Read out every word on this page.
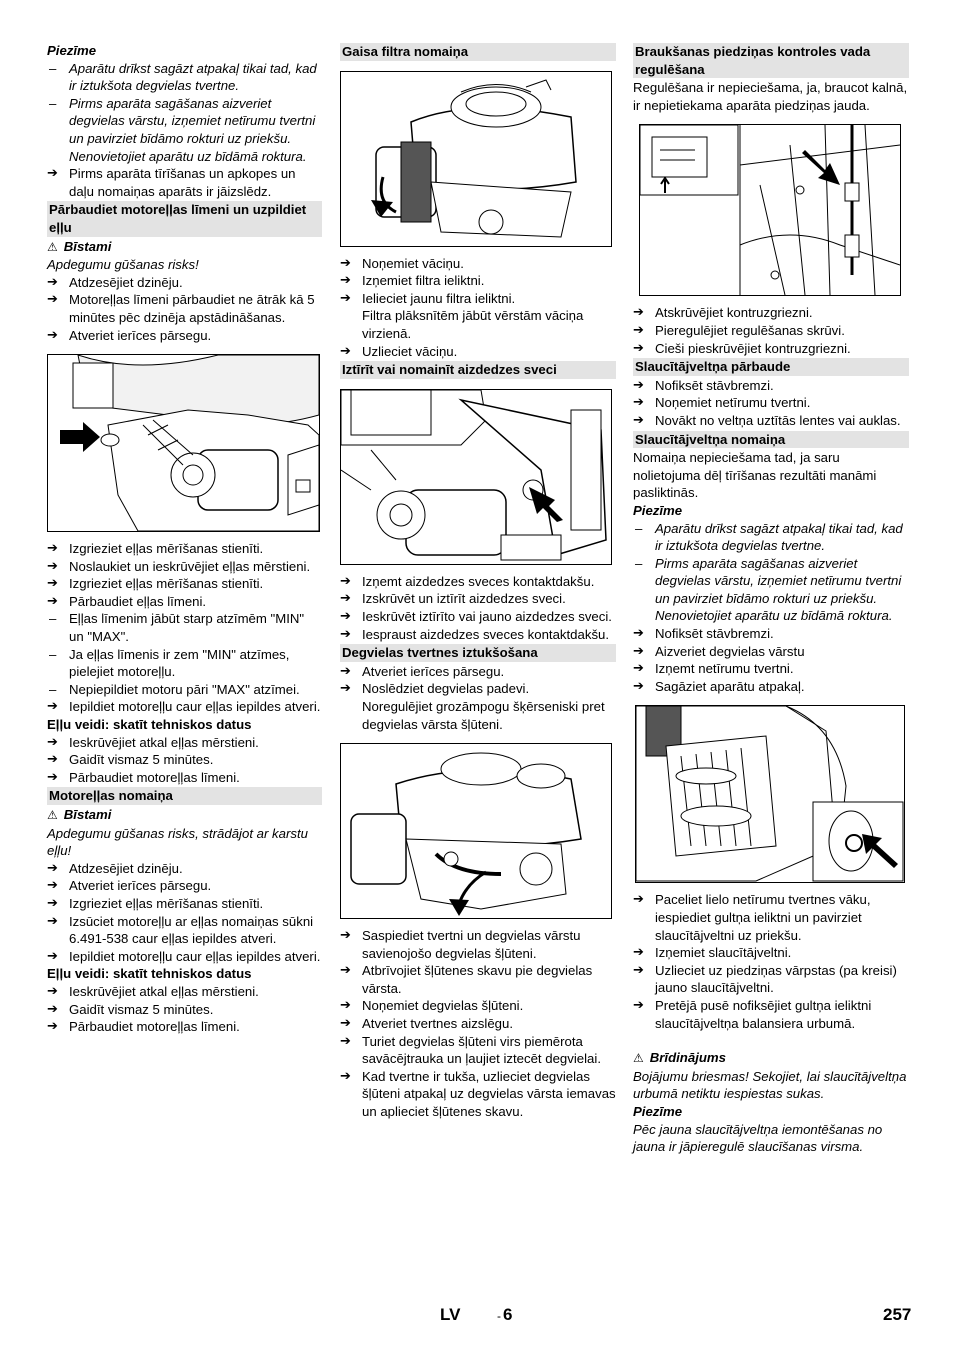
Piezīme

– Aparātu drīkst sagāzt atpakaļ tikai tad, kad ir iztukšota degvielas tvertne.

– Pirms aparāta sagāšanas aizveriet degvielas vārstu, izņemiet netīrumu tvertni un pavirziet bīdāmo rokturi uz priekšu. Nenovietojiet aparātu uz bīdāmā roktura.

➔ Pirms aparāta tīrīšanas un apkopes un daļu nomaiņas aparāts ir jāizslēdz.

Pārbaudiet motoreļļas līmeni un uzpildiet eļļu

⚠ Bīstami

Apdegumu gūšanas risks!

➔ Atdzesējiet dzinēju.

➔ Motoreļļas līmeni pārbaudiet ne ātrāk kā 5 minūtes pēc dzinēja apstādināšanas.

➔ Atveriet ierīces pārsegu.

➔ Izgrieziet eļļas mērīšanas stienīti.

➔ Noslaukiet un ieskrūvējiet eļļas mērstieni.

➔ Izgrieziet eļļas mērīšanas stienīti.

➔ Pārbaudiet eļļas līmeni.

– Eļļas līmenim jābūt starp atzīmēm "MIN" un "MAX".

– Ja eļļas līmenis ir zem "MIN" atzīmes, pielejiet motoreļļu.

– Nepiepildiet motoru pāri "MAX" atzīmei.

➔ Iepildiet motoreļļu caur eļļas iepildes atveri.

Eļļu veidi: skatīt tehniskos datus

➔ Ieskrūvējiet atkal eļļas mērstieni.

➔ Gaidīt vismaz 5 minūtes.

➔ Pārbaudiet motoreļļas līmeni.

Motoreļļas nomaiņa

⚠ Bīstami

Apdegumu gūšanas risks, strādājot ar karstu eļļu!

➔ Atdzesējiet dzinēju.

➔ Atveriet ierīces pārsegu.

➔ Izgrieziet eļļas mērīšanas stienīti.

➔ Izsūciet motoreļļu ar eļļas nomaiņas sūkni 6.491-538 caur eļļas iepildes atveri.

➔ Iepildiet motoreļļu caur eļļas iepildes atveri.

Eļļu veidi: skatīt tehniskos datus

➔ Ieskrūvējiet atkal eļļas mērstieni.

➔ Gaidīt vismaz 5 minūtes.

➔ Pārbaudiet motoreļļas līmeni.

Gaisa filtra nomaiņa

➔ Noņemiet vāciņu.

➔ Izņemiet filtra ieliktni.

➔ Ielieciet jaunu filtra ieliktni.

Filtra plāksnītēm jābūt vērstām vāciņa virzienā.

➔ Uzlieciet vāciņu.

Iztīrīt vai nomainīt aizdedzes sveci

➔ Izņemt aizdedzes sveces kontaktdakšu.

➔ Izskrūvēt un iztīrīt aizdedzes sveci.

➔ Ieskrūvēt iztīrīto vai jauno aizdedzes sveci.

➔ Iespraust aizdedzes sveces kontaktdakšu.

Degvielas tvertnes iztukšošana

➔ Atveriet ierīces pārsegu.

➔ Noslēdziet degvielas padevi.

Noregulējiet grozāmpogu šķērseniski pret degvielas vārsta šļūteni.

➔ Saspiediet tvertni un degvielas vārstu savienojošo degvielas šļūteni.

➔ Atbrīvojiet šļūtenes skavu pie degvielas vārsta.

➔ Noņemiet degvielas šļūteni.

➔ Atveriet tvertnes aizslēgu.

➔ Turiet degvielas šļūteni virs piemērota savācējtrauka un ļaujiet iztecēt degvielai.

➔ Kad tvertne ir tukša, uzlieciet degvielas šļūteni atpakaļ uz degvielas vārsta iemavas un aplieciet šļūtenes skavu.

Braukšanas piedziņas kontroles vada regulēšana

Regulēšana ir nepieciešama, ja, braucot kalnā, ir nepietiekama aparāta piedziņas jauda.

➔ Atskrūvējiet kontruzgriezni.

➔ Pieregulējiet regulēšanas skrūvi.

➔ Cieši pieskrūvējiet kontruzgriezni.

Slaucītājveltņa pārbaude

➔ Nofiksēt stāvbremzi.

➔ Noņemiet netīrumu tvertni.

➔ Novākt no veltņa uztītās lentes vai auklas.

Slaucītājveltņa nomaiņa

Nomaiņa nepieciešama tad, ja saru nolietojuma dēļ tīrīšanas rezultāti manāmi pasliktinās.

Piezīme

– Aparātu drīkst sagāzt atpakaļ tikai tad, kad ir iztukšota degvielas tvertne.

– Pirms aparāta sagāšanas aizveriet degvielas vārstu, izņemiet netīrumu tvertni un pavirziet bīdāmo rokturi uz priekšu. Nenovietojiet aparātu uz bīdāmā roktura.

➔ Nofiksēt stāvbremzi.

➔ Aizveriet degvielas vārstu

➔ Izņemt netīrumu tvertni.

➔ Sagāziet aparātu atpakaļ.

➔ Paceliet lielo netīrumu tvertnes vāku, iespiediet gultņa ieliktni un pavirziet slaucītājveltni uz priekšu.

➔ Izņemiet slaucītājveltni.

➔ Uzlieciet uz piedziņas vārpstas (pa kreisi) jauno slaucītājveltni.

➔ Pretējā pusē nofiksējiet gultņa ieliktni slaucītājveltņa balansiera urbumā.

⚠ Brīdinājums

Bojājumu briesmas! Sekojiet, lai slaucītājveltņa urbumā netiktu iespiestas sukas.

Piezīme

Pēc jauna slaucītājveltņa iemontēšanas no jauna ir jāpieregulē slaucīšanas virsma.

LV	- 6	257
